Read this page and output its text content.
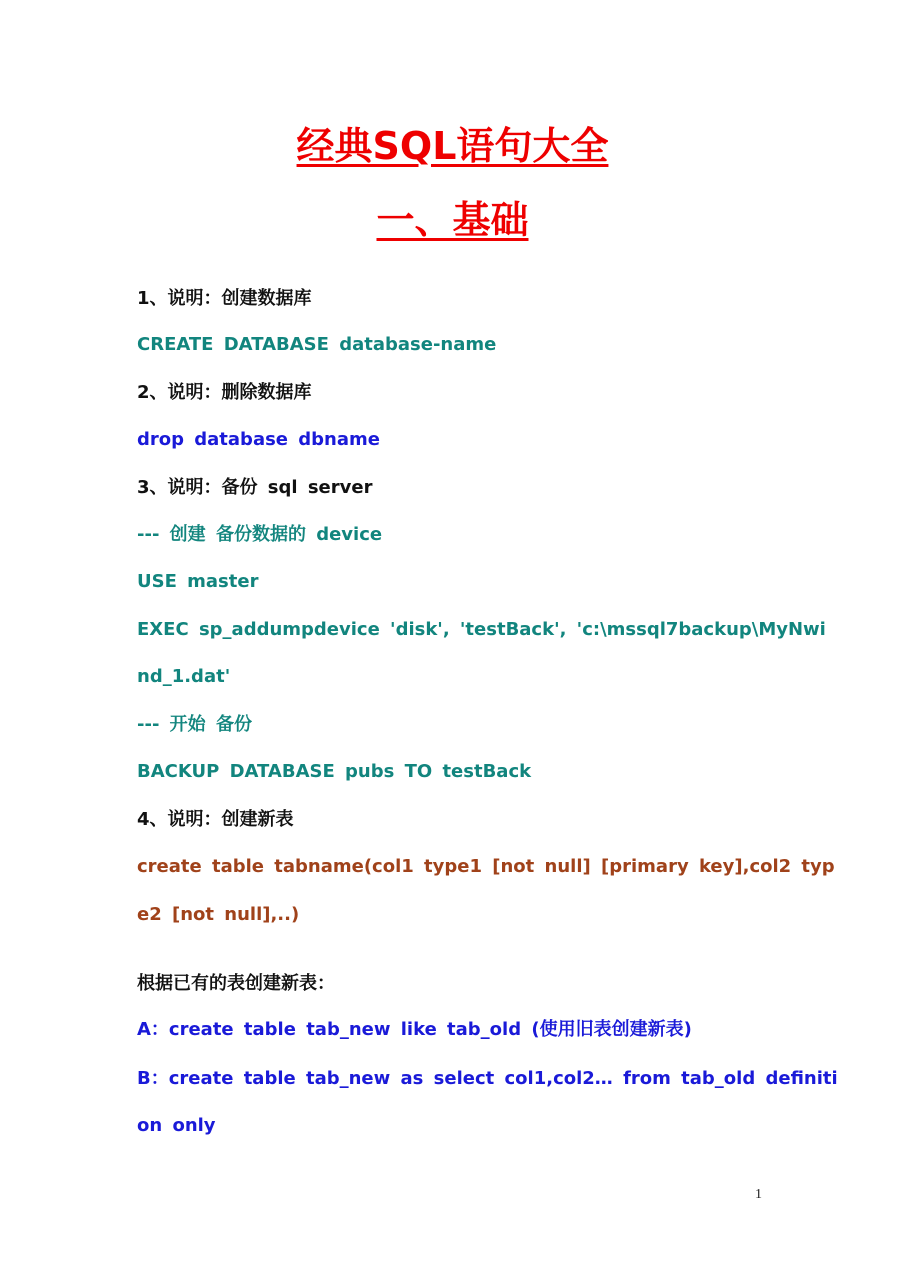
经典SQL语句大全
一、基础
1、说明：创建数据库
CREATE DATABASE database-name
2、说明：删除数据库
drop database dbname
3、说明：备份 sql server
--- 创建 备份数据的 device
USE master
EXEC sp_addumpdevice 'disk', 'testBack', 'c:\mssql7backup\MyNwi
nd_1.dat'
--- 开始 备份
BACKUP DATABASE pubs TO testBack
4、说明：创建新表
create table tabname(col1 type1 [not null] [primary key],col2 typ
e2 [not null],..)
根据已有的表创建新表：
A：create table tab_new like tab_old (使用旧表创建新表)
B：create table tab_new as select col1,col2… from tab_old definiti
on only
1
